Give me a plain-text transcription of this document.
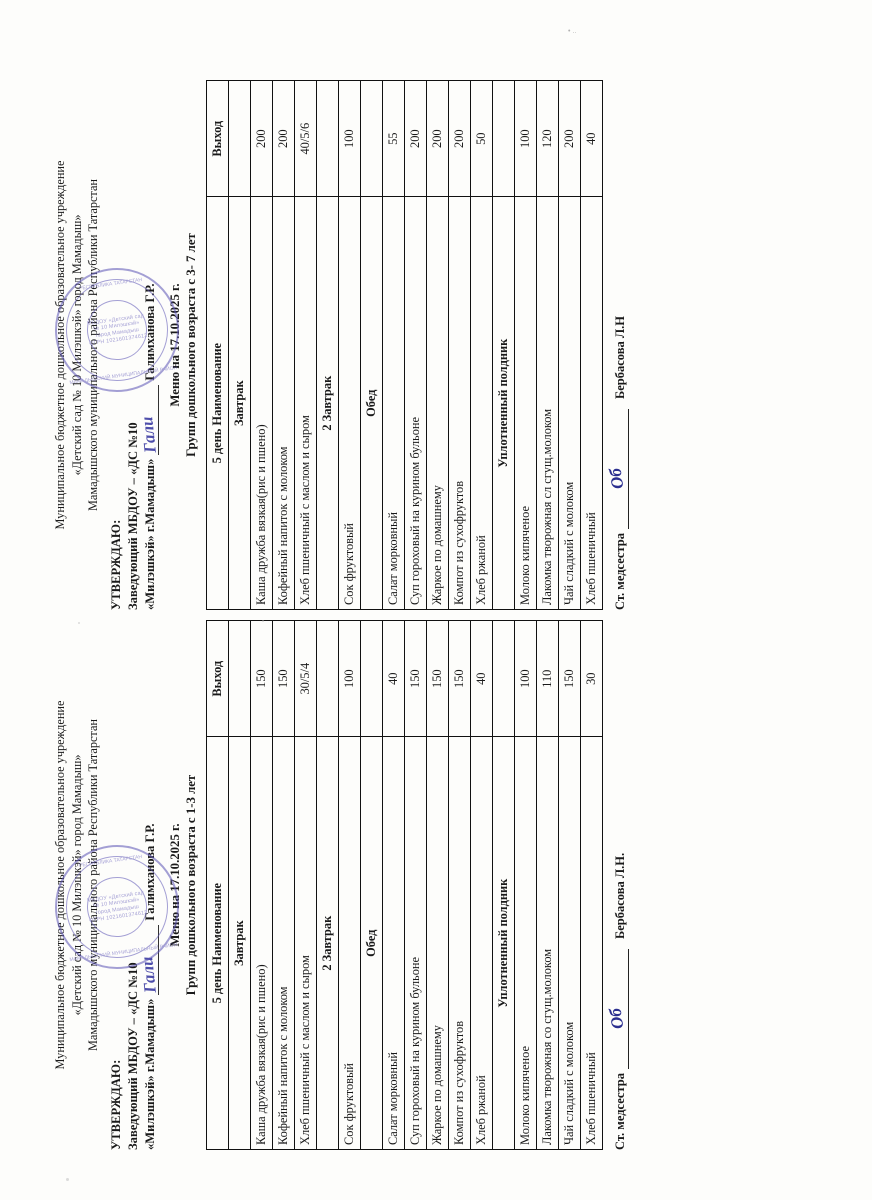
Муниципальное бюджетное дошкольное образовательное учреждение «Детский сад № 10 Милэшкэй» город Мамадыш» Мамадышского муниципального района Республики Татарстан
УТВЕРЖДАЮ: Заведующий МБДОУ – «ДС №10 «Милэшкэй» г.Мамадыш»
Гали
Галимханова Г.Р. Меню на 17.10.2025 г. Групп дошкольного возраста с 3- 7 лет 5 день Наименование	Выход
Завтрак	
Каша дружба вязкая(рис и пшено)	200
Кофейный напиток с молоком	200
Хлеб пшеничный с маслом и сыром	40/5/6
2 Завтрак	
Сок фруктовый	100
Обед	
Салат морковный	55
Суп гороховый на курином бульоне	200
Жаркое по домашнему	200
Компот из сухофруктов	200
Хлеб ржаной	50
Уплотненный полдник	
Молоко кипяченое	100
Лакомка творожная сл сгущ.молоком	120
Чай сладкий с молоком	200
Хлеб пшеничный	40
Ст. медсестра
Об
Бербасова Л.Н
РЕСПУБЛИКА ТАТАРСТАН
МБДОУ «Детский сад № 10 Милэшкэй» город Мамадыш ОГРН 1021601374612
МАМАДЫШСКИЙ МУНИЦИПАЛЬНЫЙ РАЙОН
Муниципальное бюджетное дошкольное образовательное учреждение «Детский сад № 10 Милэшкэй» город Мамадыш» Мамадышского муниципального района Республики Татарстан
УТВЕРЖДАЮ: Заведующий МБДОУ – «ДС №10 «Милэшкэй» г.Мамадыш»
Гали
Галимханова Г.Р. Меню на 17.10.2025 г. Групп дошкольного возраста с 1-3 лет 5 день Наименование	Выход
Завтрак	
Каша дружба вязкая(рис и пшено)	150
Кофейный напиток с молоком	150
Хлеб пшеничный с маслом и сыром	30/5/4
2 Завтрак	
Сок фруктовый	100
Обед	
Салат морковный	40
Суп гороховый на курином бульоне	150
Жаркое по домашнему	150
Компот из сухофруктов	150
Хлеб ржаной	40
Уплотненный полдник	
Молоко кипяченое	100
Лакомка творожная со сгущ.молоком	110
Чай сладкий с молоком	150
Хлеб пшеничный	30
Ст. медсестра
Об
Бербасова Л.Н.
РЕСПУБЛИКА ТАТАРСТАН
МБДОУ «Детский сад № 10 Милэшкэй» город Мамадыш ОГРН 1021601374612
МАМАДЫШСКИЙ МУНИЦИПАЛЬНЫЙ РАЙОН
• ..
